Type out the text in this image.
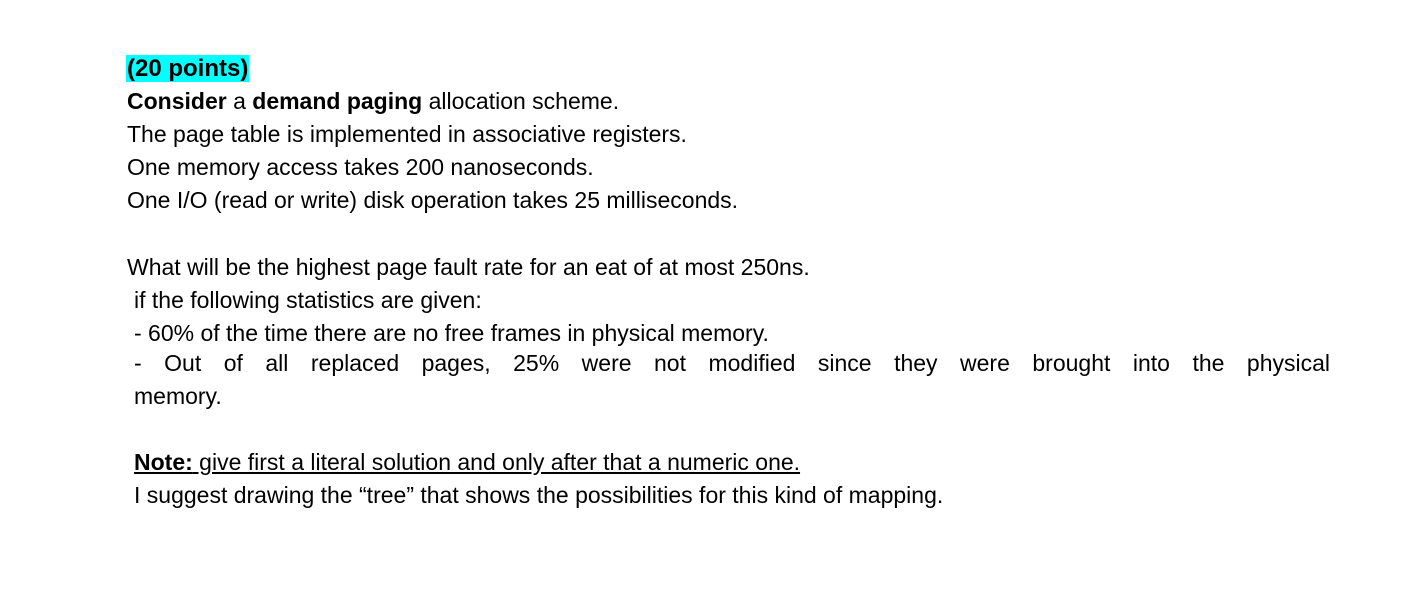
(20 points)
Consider a demand paging allocation scheme.
The page table is implemented in associative registers.
One memory access takes 200 nanoseconds.
One I/O (read or write) disk operation takes 25 milliseconds.
What will be the highest page fault rate for an eat of at most 250ns.
if the following statistics are given:
- 60% of the time there are no free frames in physical memory.
- Out of all replaced pages, 25% were not modified since they were brought into the physical
memory.
Note: give first a literal solution and only after that a numeric one.
I suggest drawing the “tree” that shows the possibilities for this kind of mapping.
